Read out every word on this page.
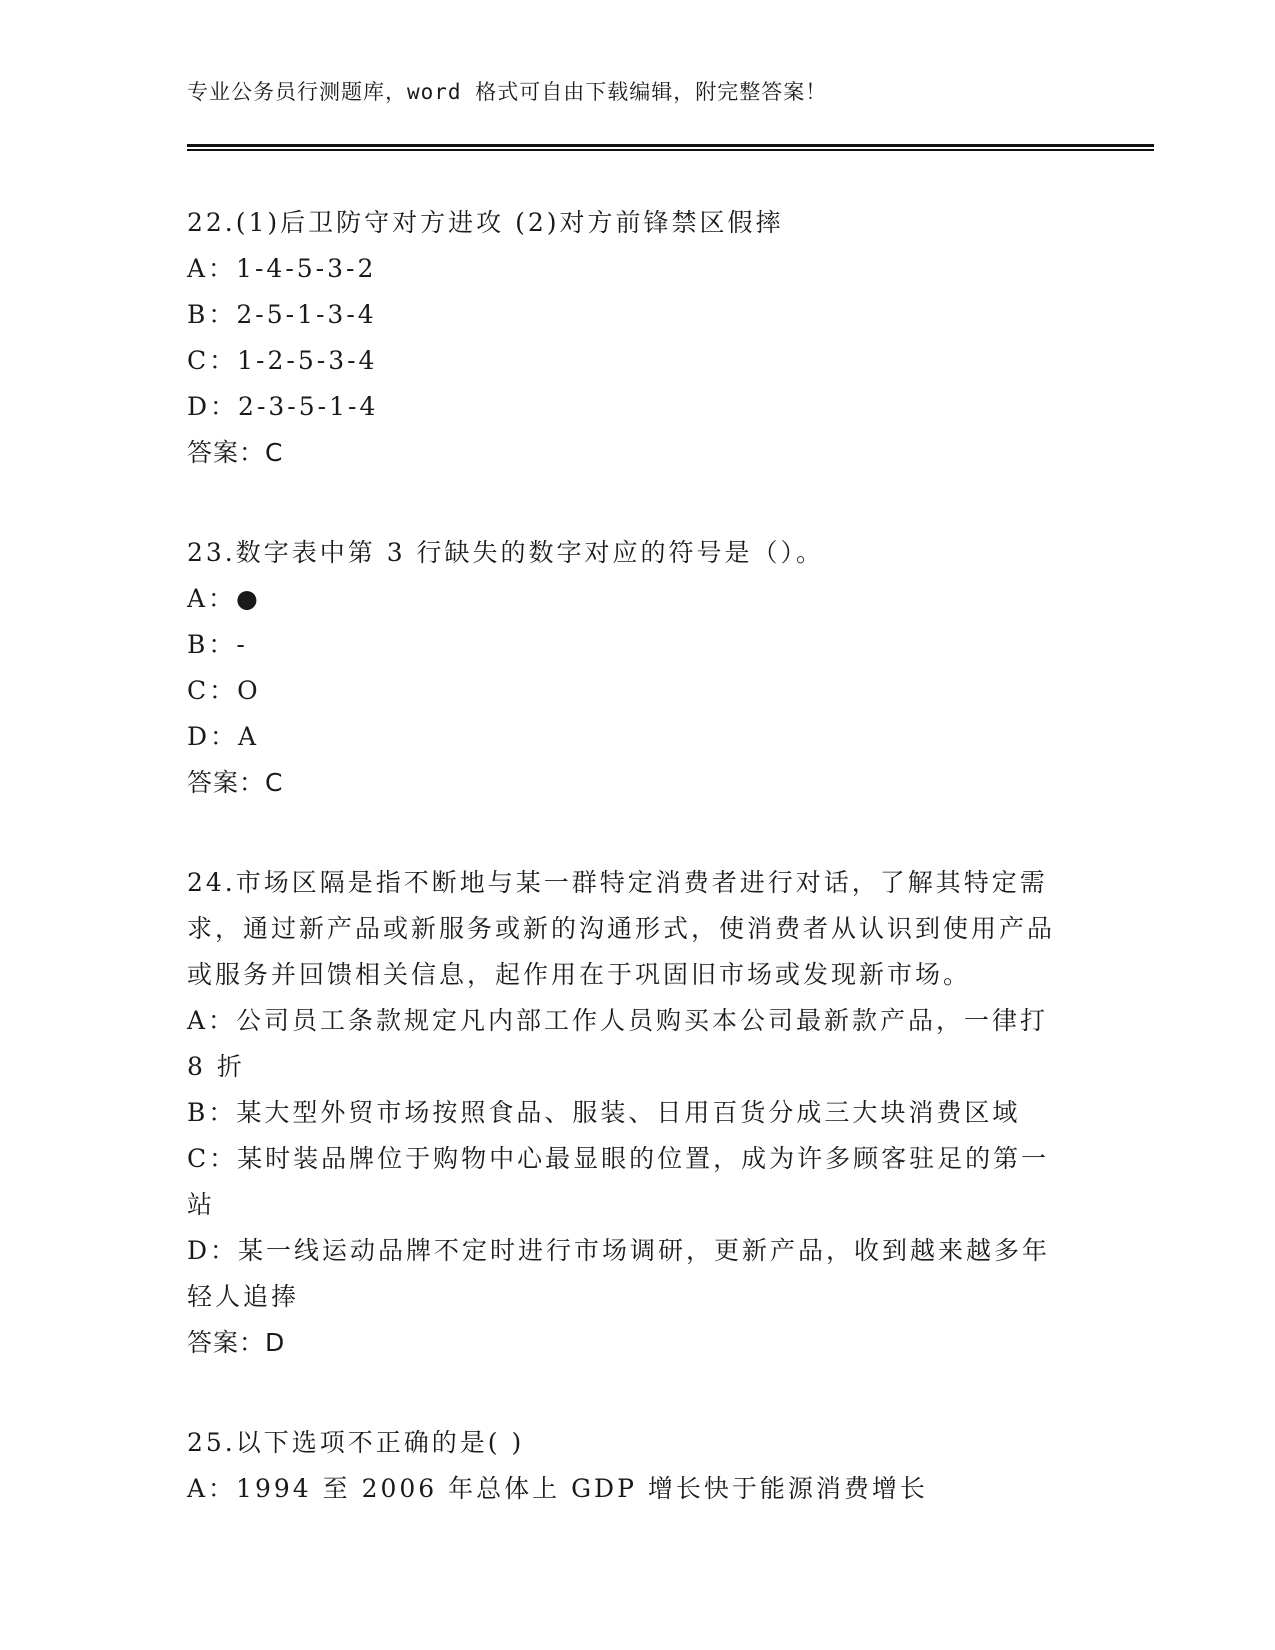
专业公务员行测题库，word 格式可自由下载编辑，附完整答案！
22.(1)后卫防守对方进攻 (2)对方前锋禁区假摔
A：1-4-5-3-2
B：2-5-1-3-4
C：1-2-5-3-4
D：2-3-5-1-4
答案：C
23.数字表中第 3 行缺失的数字对应的符号是（）。
A：●
B：-
C：O
D：A
答案：C
24.市场区隔是指不断地与某一群特定消费者进行对话，了解其特定需求，通过新产品或新服务或新的沟通形式，使消费者从认识到使用产品或服务并回馈相关信息，起作用在于巩固旧市场或发现新市场。
A：公司员工条款规定凡内部工作人员购买本公司最新款产品，一律打 8 折
B：某大型外贸市场按照食品、服装、日用百货分成三大块消费区域
C：某时装品牌位于购物中心最显眼的位置，成为许多顾客驻足的第一站
D：某一线运动品牌不定时进行市场调研，更新产品，收到越来越多年轻人追捧
答案：D
25.以下选项不正确的是( )
A：1994 至 2006 年总体上 GDP 增长快于能源消费增长
